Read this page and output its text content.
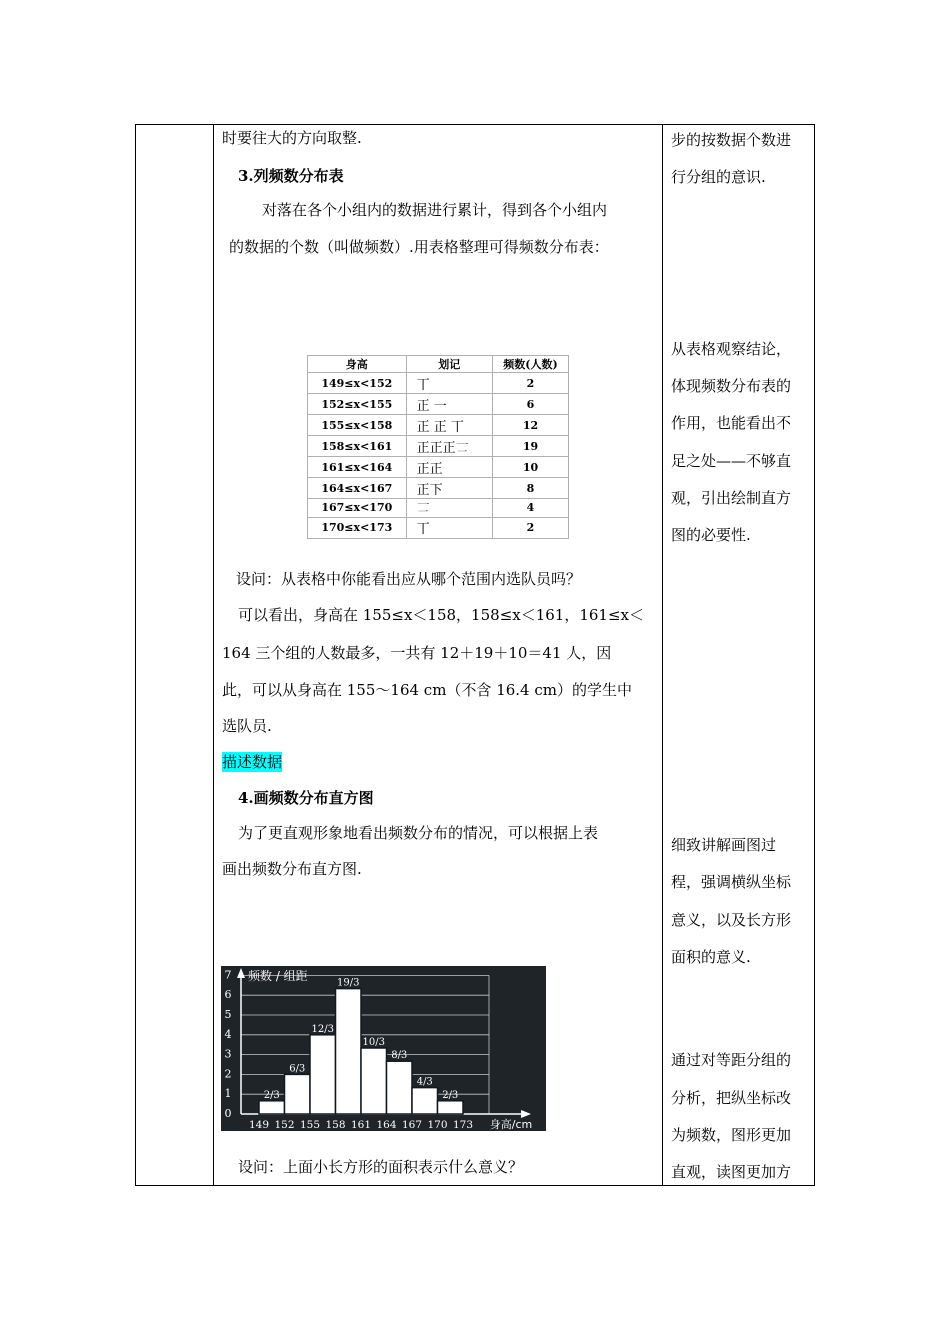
时要往大的方向取整.
3.列频数分布表
对落在各个小组内的数据进行累计，得到各个小组内
的数据的个数（叫做频数）.用表格整理可得频数分布表：
身高	划记	频数(人数)
149≤x<152	丅	2
152≤x<155	正 一	6
155≤x<158	正 正 丅	12
158≤x<161	正正正𠄟	19
161≤x<164	正正	10
164≤x<167	正下	8
167≤x<170	𠄟	4
170≤x<173	丅	2
设问：从表格中你能看出应从哪个范围内选队员吗？
可以看出，身高在 155≤x＜158，158≤x＜161，161≤x＜
164 三个组的人数最多，一共有 12＋19＋10＝41 人，因
此，可以从身高在 155～164 cm（不含 16.4 cm）的学生中
选队员.
描述数据
4.画频数分布直方图
为了更直观形象地看出频数分布的情况，可以根据上表
画出频数分布直方图.
0
1
2
3
4
5
6
7
2/3
6/3
12/3
19/3
10/3
8/3
4/3
2/3
149 152 155 158 161 164 167 170 173 身高/cm
频数 / 组距
设问：上面小长方形的面积表示什么意义？
步的按数据个数进
行分组的意识.
从表格观察结论，
体现频数分布表的
作用，也能看出不
足之处——不够直
观，引出绘制直方
图的必要性.
细致讲解画图过
程，强调横纵坐标
意义，以及长方形
面积的意义.
通过对等距分组的
分析，把纵坐标改
为频数，图形更加
直观，读图更加方
